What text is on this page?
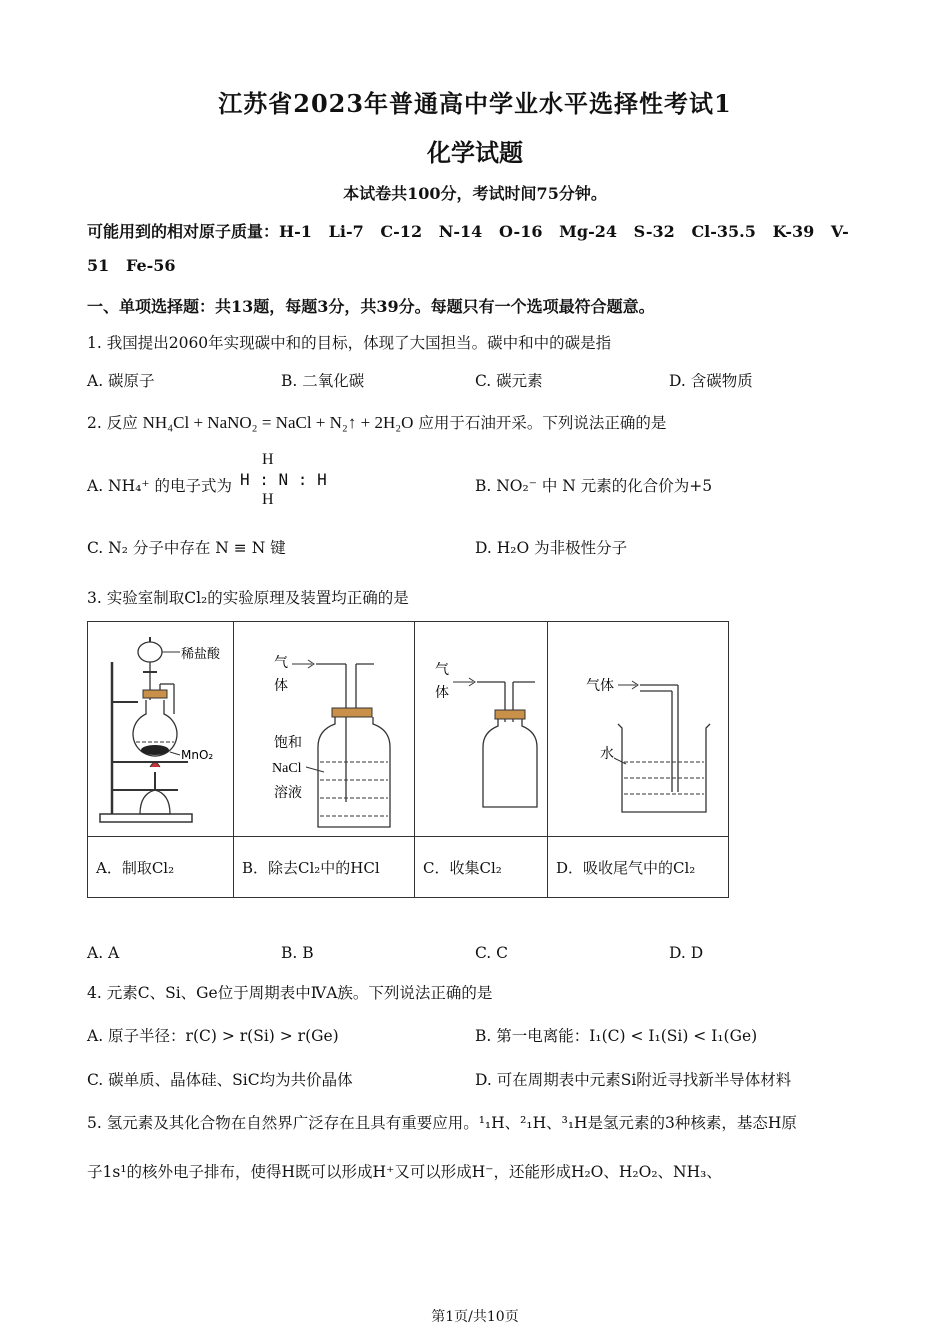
江苏省2023年普通高中学业水平选择性考试1
化学试题
本试卷共100分，考试时间75分钟。
可能用到的相对原子质量：H-1   Li-7   C-12   N-14   O-16   Mg-24   S-32   Cl-35.5   K-39   V-
51   Fe-56
一、单项选择题：共13题，每题3分，共39分。每题只有一个选项最符合题意。
1. 我国提出2060年实现碳中和的目标，体现了大国担当。碳中和中的碳是指
A. 碳原子	B. 二氧化碳	C. 碳元素	D. 含碳物质
2. 反应 NH₄Cl + NaNO₂ = NaCl + N₂↑ + 2H₂O 应用于石油开采。下列说法正确的是
A. NH₄⁺ 的电子式为
H
H : N : H
H
B. NO₂⁻ 中 N 元素的化合价为+5
C. N₂ 分子中存在 N ≡ N 键	D. H₂O 为非极性分子
3. 实验室制取Cl₂的实验原理及装置均正确的是
稀盐酸
MnO₂	气
体
饱和
NaCl
溶液	气
体	气体
水

A．制取Cl₂	B．除去Cl₂中的HCl	C．收集Cl₂	D．吸收尾气中的Cl₂
A. A	B. B	C. C	D. D
4. 元素C、Si、Ge位于周期表中ⅣA族。下列说法正确的是
A. 原子半径：r(C) > r(Si) > r(Ge)	B. 第一电离能：I₁(C) < I₁(Si) < I₁(Ge)
C. 碳单质、晶体硅、SiC均为共价晶体	D. 可在周期表中元素Si附近寻找新半导体材料
5. 氢元素及其化合物在自然界广泛存在且具有重要应用。¹₁H、²₁H、³₁H是氢元素的3种核素，基态H原
子1s¹的核外电子排布，使得H既可以形成H⁺又可以形成H⁻，还能形成H₂O、H₂O₂、NH₃、
第1页/共10页
